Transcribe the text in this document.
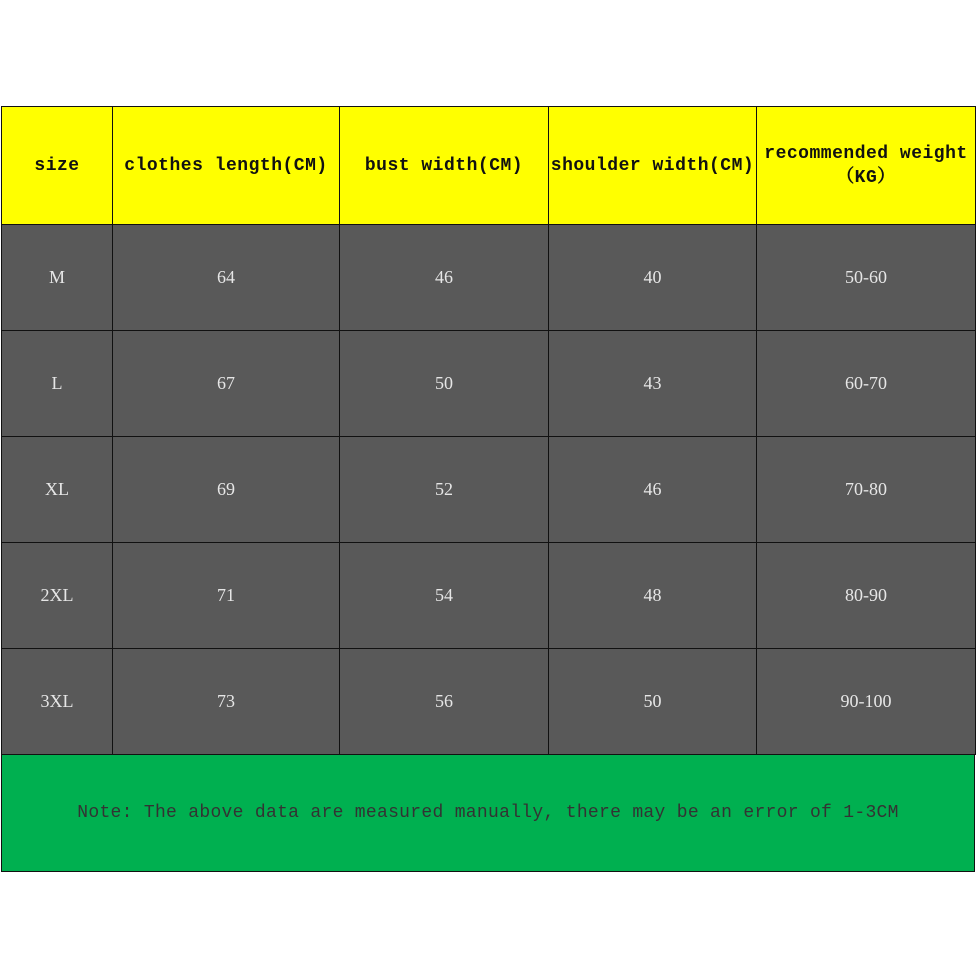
size	clothes length(CM)	bust width(CM)	shoulder width(CM)	recommended weight
（KG）
M	64	46	40	50-60
L	67	50	43	60-70
XL	69	52	46	70-80
2XL	71	54	48	80-90
3XL	73	56	50	90-100
Note: The above data are measured manually, there may be an error of 1-3CM
